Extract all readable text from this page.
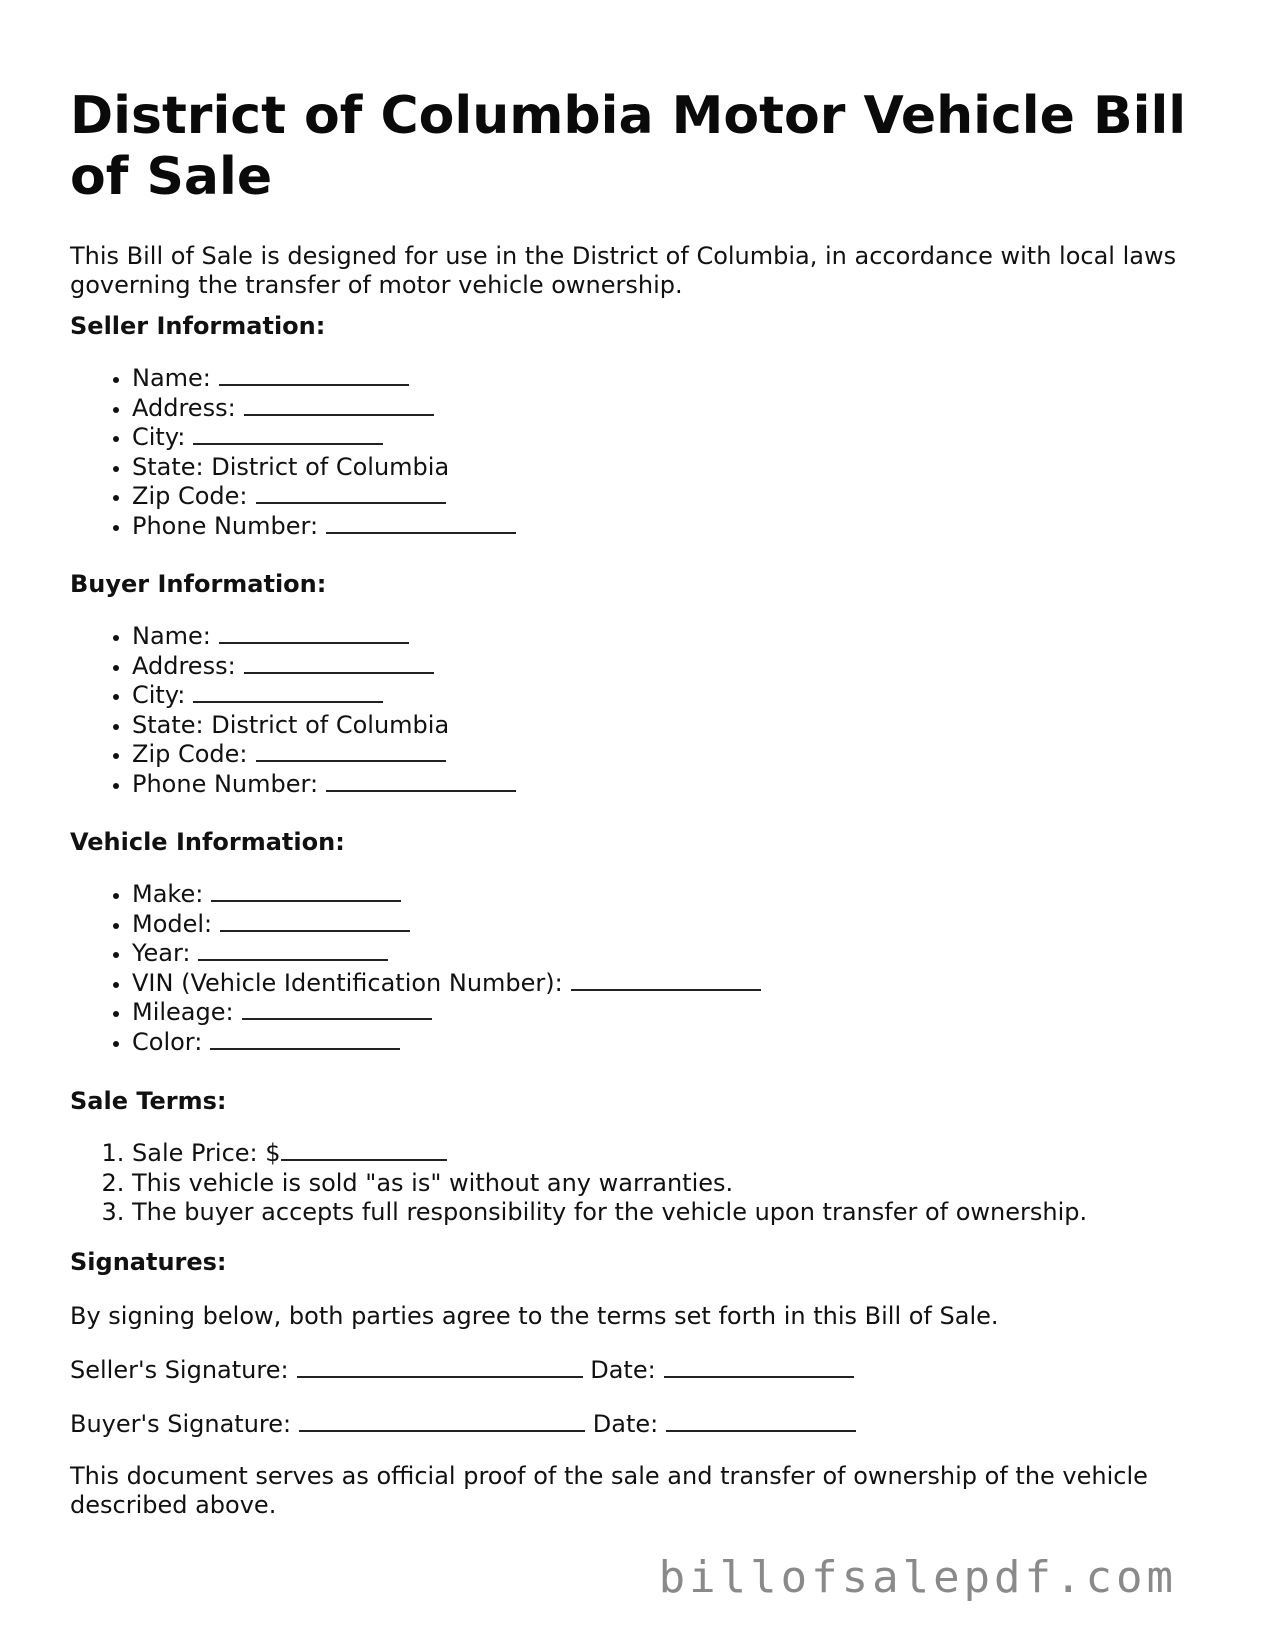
District of Columbia Motor Vehicle Bill of Sale

This Bill of Sale is designed for use in the District of Columbia, in accordance with local laws governing the transfer of motor vehicle ownership.

Seller Information:

• Name:
• Address:
• City:
• State: District of Columbia
• Zip Code:
• Phone Number:

Buyer Information:

• Name:
• Address:
• City:
• State: District of Columbia
• Zip Code:
• Phone Number:

Vehicle Information:

• Make:
• Model:
• Year:
• VIN (Vehicle Identification Number):
• Mileage:
• Color:

Sale Terms:

1. Sale Price: $
2. This vehicle is sold "as is" without any warranties.
3. The buyer accepts full responsibility for the vehicle upon transfer of ownership.

Signatures:

By signing below, both parties agree to the terms set forth in this Bill of Sale.

Seller's Signature:	Date:

Buyer's Signature:	Date:

This document serves as official proof of the sale and transfer of ownership of the vehicle described above.

billofsalepdf.com
